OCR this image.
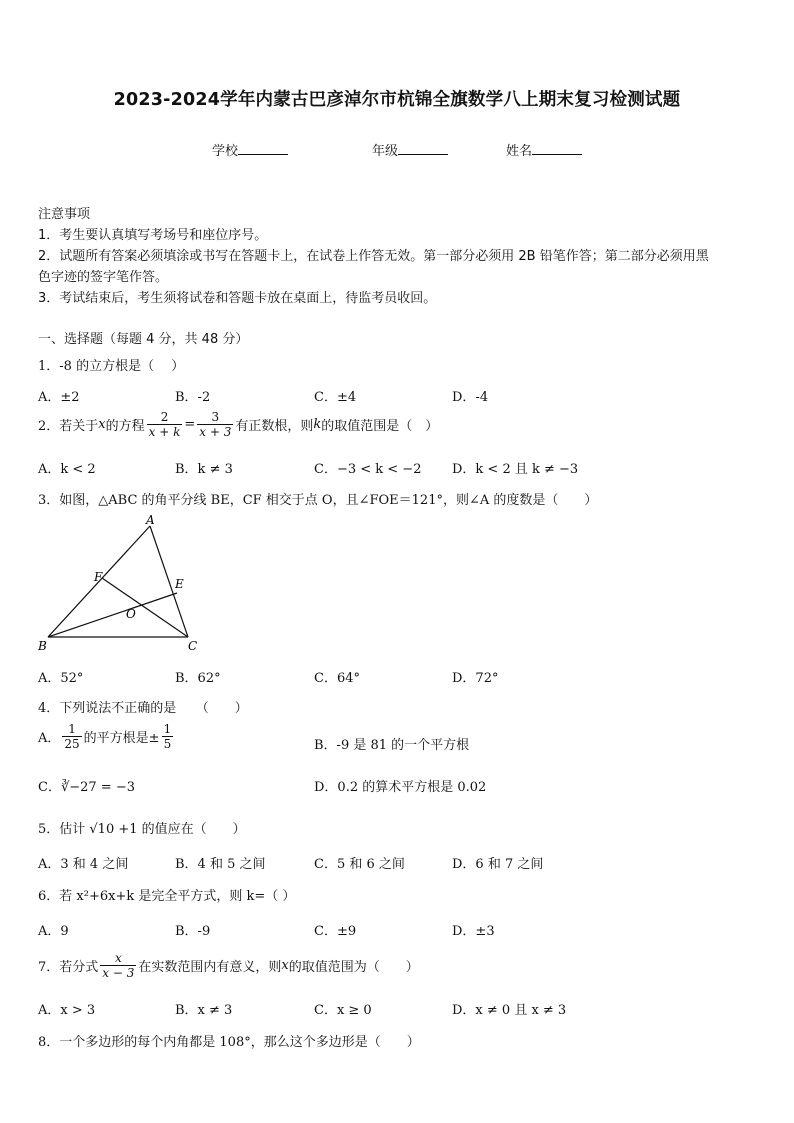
2023-2024学年内蒙古巴彦淖尔市杭锦全旗数学八上期末复习检测试题
学校	年级	姓名
注意事项
1．考生要认真填写考场号和座位序号。
2．试题所有答案必须填涂或书写在答题卡上，在试卷上作答无效。第一部分必须用 2B 铅笔作答；第二部分必须用黑
色字迹的签字笔作答。
3．考试结束后，考生须将试卷和答题卡放在桌面上，待监考员收回。
一、选择题（每题 4 分，共 48 分）
1．-8 的立方根是（　 ）
A．±2	B．-2	C．±4	D．-4
2．若关于 x 的方程 $\frac{2}{x + k} = \frac{3}{x + 3}$ 有正数根，则 k 的取值范围是（　）
A．k < 2	B．k ≠ 3	C．−3 < k < −2 D．k < 2 且 k ≠ −3
3．如图，△ABC 的角平分线 BE，CF 相交于点 O，且∠FOE＝121°，则∠A 的度数是（　　）
A
B	C
E
F
O
A．52°	B．62°	C．64°	D．72°
4．下列说法不正确的是　　（　　）
A． $\frac{1}{25}$ 的平方根是± $\frac{1}{5}$	B．-9 是 81 的一个平方根
C．∛−27 = −3	D．0.2 的算术平方根是 0.02
5．估计 √10 +1 的值应在（　　）
A．3 和 4 之间	B．4 和 5 之间	C．5 和 6 之间	D．6 和 7 之间
6．若 x²+6x+k 是完全平方式，则 k=（ ）
A．9	B．-9	C．±9	D．±3
7．若分式 $\frac{x}{x - 3}$ 在实数范围内有意义，则 x 的取值范围为（　　）
A．x > 3	B．x ≠ 3	C．x ≥ 0	D．x ≠ 0 且 x ≠ 3
8．一个多边形的每个内角都是 108°，那么这个多边形是（　　）
